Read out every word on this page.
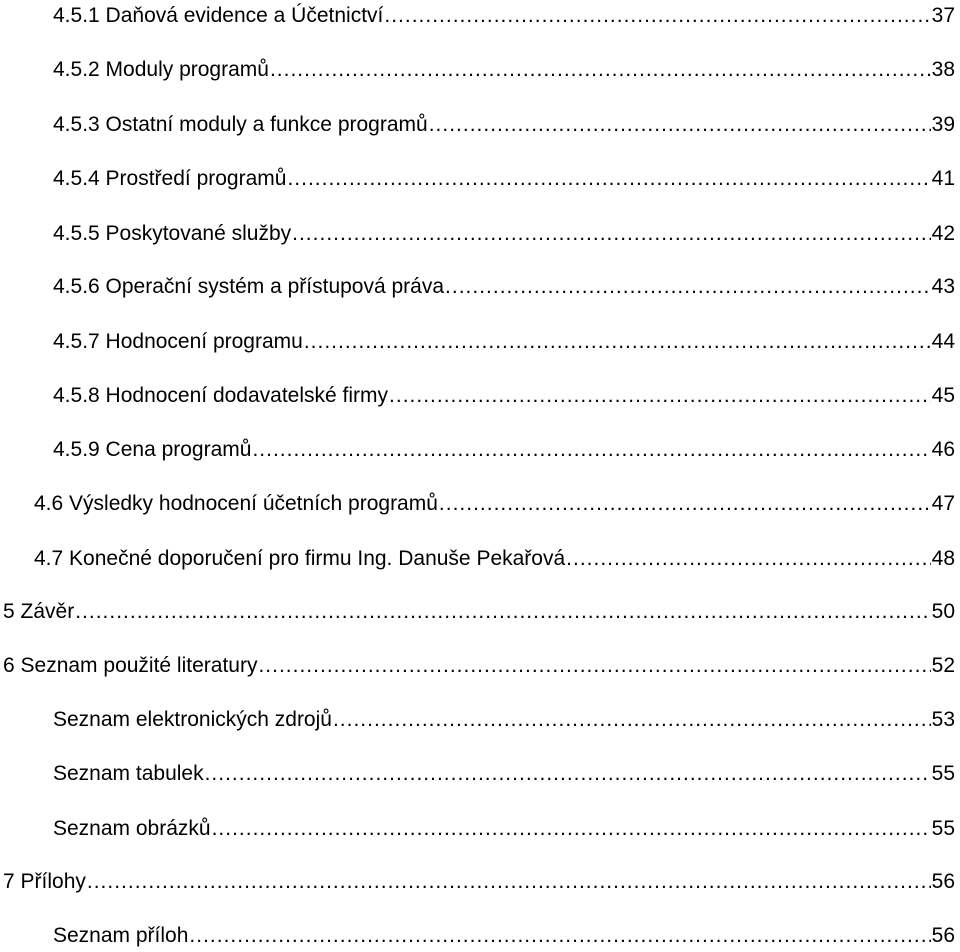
4.5.1 Daňová evidence a Účetnictví .....	37
4.5.2 Moduly programů .....	38
4.5.3 Ostatní moduly a funkce programů .....	39
4.5.4 Prostředí programů .....	41
4.5.5 Poskytované služby .....	42
4.5.6 Operační systém a přístupová práva .....	43
4.5.7 Hodnocení programu .....	44
4.5.8 Hodnocení dodavatelské firmy .....	45
4.5.9 Cena programů .....	46
4.6 Výsledky hodnocení účetních programů .....	47
4.7 Konečné doporučení pro firmu Ing. Danuše Pekařová .....	48
5 Závěr .....	50
6 Seznam použité literatury .....	52
Seznam elektronických zdrojů .....	53
Seznam tabulek .....	55
Seznam obrázků .....	55
7 Přílohy .....	56
Seznam příloh .....	56
